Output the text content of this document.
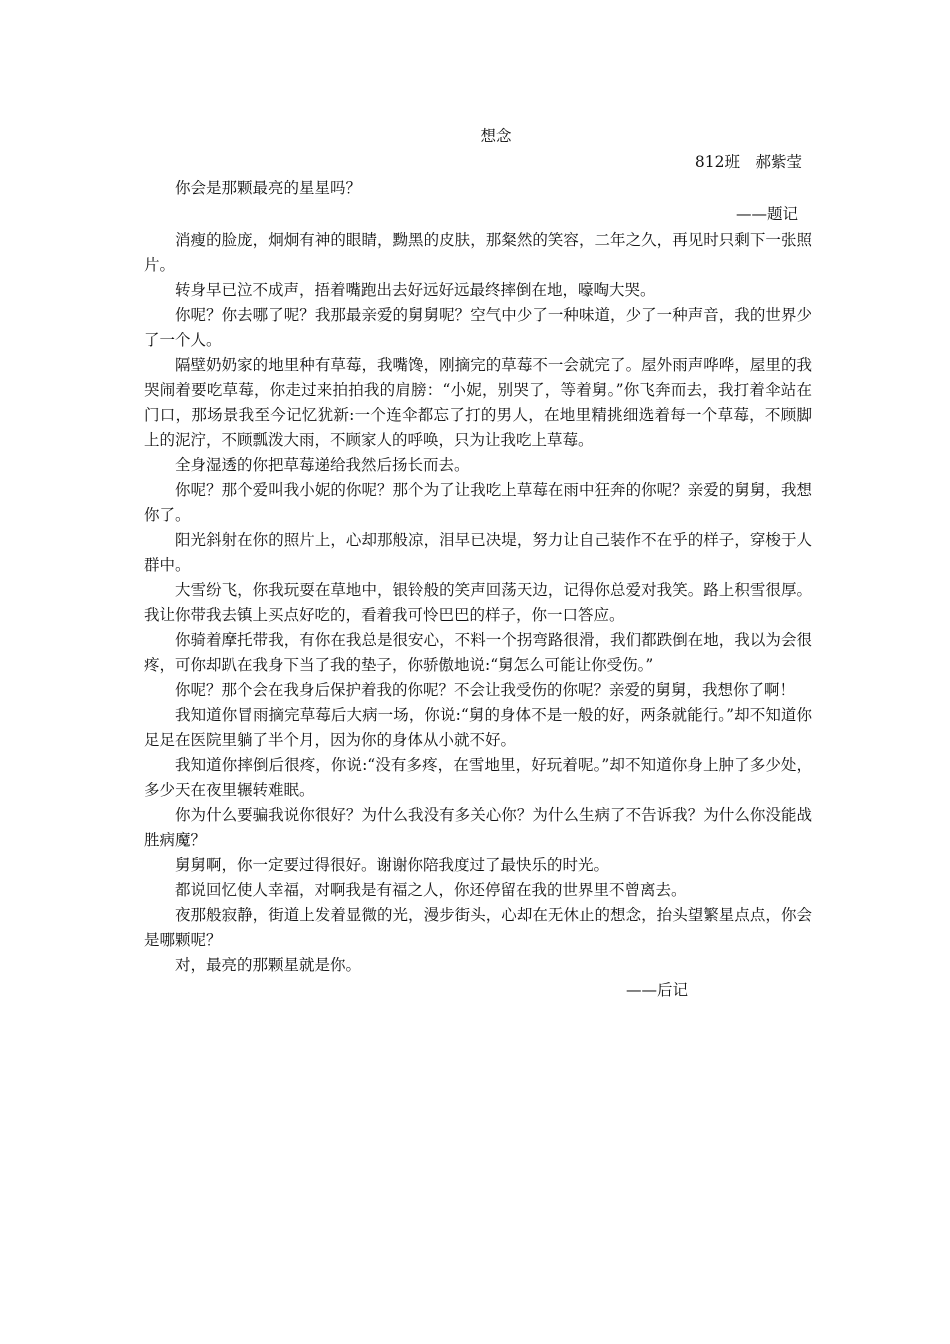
想念

812班　郝紫莹

你会是那颗最亮的星星吗？

——题记

消瘦的脸庞，炯炯有神的眼睛，黝黑的皮肤，那粲然的笑容，二年之久，再见时只剩下一张照片。

转身早已泣不成声，捂着嘴跑出去好远好远最终摔倒在地，嚎啕大哭。

你呢？你去哪了呢？我那最亲爱的舅舅呢？空气中少了一种味道，少了一种声音，我的世界少了一个人。

隔壁奶奶家的地里种有草莓，我嘴馋，刚摘完的草莓不一会就完了。屋外雨声哗哗，屋里的我哭闹着要吃草莓，你走过来拍拍我的肩膀：“小妮，别哭了，等着舅。”你飞奔而去，我打着伞站在门口，那场景我至今记忆犹新:一个连伞都忘了打的男人，在地里精挑细选着每一个草莓，不顾脚上的泥泞，不顾瓢泼大雨，不顾家人的呼唤，只为让我吃上草莓。

全身湿透的你把草莓递给我然后扬长而去。

你呢？那个爱叫我小妮的你呢？那个为了让我吃上草莓在雨中狂奔的你呢？亲爱的舅舅，我想你了。

阳光斜射在你的照片上，心却那般凉，泪早已决堤，努力让自己装作不在乎的样子，穿梭于人群中。

大雪纷飞，你我玩耍在草地中，银铃般的笑声回荡天边，记得你总爱对我笑。路上积雪很厚。我让你带我去镇上买点好吃的，看着我可怜巴巴的样子，你一口答应。

你骑着摩托带我，有你在我总是很安心，不料一个拐弯路很滑，我们都跌倒在地，我以为会很疼，可你却趴在我身下当了我的垫子，你骄傲地说:“舅怎么可能让你受伤。”

你呢？那个会在我身后保护着我的你呢？不会让我受伤的你呢？亲爱的舅舅，我想你了啊！

我知道你冒雨摘完草莓后大病一场，你说:“舅的身体不是一般的好，两条就能行。”却不知道你足足在医院里躺了半个月，因为你的身体从小就不好。

我知道你摔倒后很疼，你说:“没有多疼，在雪地里，好玩着呢。”却不知道你身上肿了多少处，多少天在夜里辗转难眠。

你为什么要骗我说你很好？为什么我没有多关心你？为什么生病了不告诉我？为什么你没能战胜病魔？

舅舅啊，你一定要过得很好。谢谢你陪我度过了最快乐的时光。

都说回忆使人幸福，对啊我是有福之人，你还停留在我的世界里不曾离去。

夜那般寂静，街道上发着显微的光，漫步街头，心却在无休止的想念，抬头望繁星点点，你会是哪颗呢？

对，最亮的那颗星就是你。

——后记
